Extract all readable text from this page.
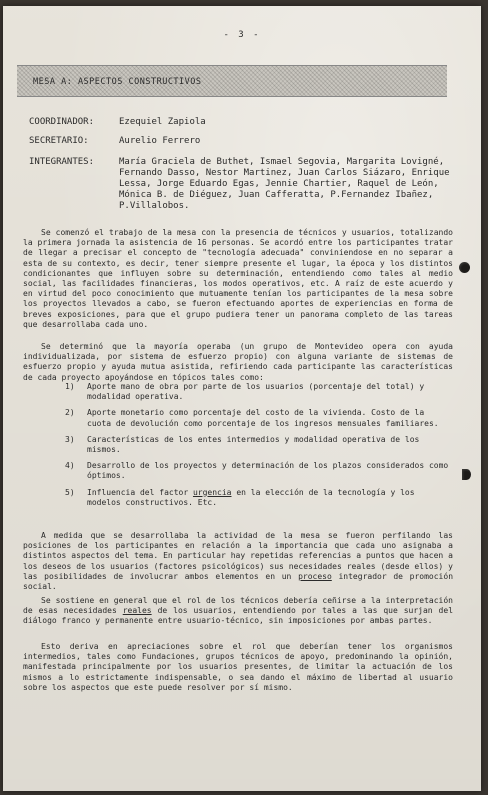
- 3 -
MESA A: ASPECTOS CONSTRUCTIVOS
COORDINADOR:	Ezequiel Zapiola
SECRETARIO:	Aurelio Ferrero
INTEGRANTES:	María Graciela de Buthet, Ismael Segovia, Margarita Lovigné, Fernando Dasso, Nestor Martinez, Juan Carlos Siázaro, Enrique Lessa, Jorge Eduardo Egas, Jennie Chartier, Raquel de León, Mónica B. de Diéguez, Juan Cafferatta, P.Fernandez Ibañez, P.Villalobos.

Se comenzó el trabajo de la mesa con la presencia de técnicos y usuarios, totalizando la primera jornada la asistencia de 16 personas. Se acordó entre los participantes tratar de llegar a precisar el concepto de "tecnología adecuada" conviniendose en no separar a esta de su contexto, es decir, tener siempre presente el lugar, la época y los distintos condicionantes que influyen sobre su determinación, entendiendo como tales al medio social, las facilidades financieras, los modos operativos, etc. A raíz de este acuerdo y en virtud del poco conocimiento que mutuamente tenían los participantes de la mesa sobre los proyectos llevados a cabo, se fueron efectuando aportes de experiencias en forma de breves exposiciones, para que el grupo pudiera tener un panorama completo de las tareas que desarrollaba cada uno.

Se determinó que la mayoría operaba (un grupo de Montevideo opera con ayuda individualizada, por sistema de esfuerzo propio) con alguna variante de sistemas de esfuerzo propio y ayuda mutua asistida, refiriendo cada participante las características de cada proyecto apoyándose en tópicos tales como:

1) Aporte mano de obra por parte de los usuarios (porcentaje del total) y modalidad operativa.
2) Aporte monetario como porcentaje del costo de la vivienda. Costo de la cuota de devolución como porcentaje de los ingresos mensuales familiares.
3) Características de los entes intermedios y modalidad operativa de los mismos.
4) Desarrollo de los proyectos y determinación de los plazos considerados como óptimos.
5) Influencia del factor urgencia en la elección de la tecnología y los modelos constructivos. Etc.

A medida que se desarrollaba la actividad de la mesa se fueron perfilando las posiciones de los participantes en relación a la importancia que cada uno asignaba a distintos aspectos del tema. En particular hay repetidas referencias a puntos que hacen a los deseos de los usuarios (factores psicológicos) sus necesidades reales (desde ellos) y las posibilidades de involucrar ambos elementos en un proceso integrador de promoción social.

Se sostiene en general que el rol de los técnicos debería ceñirse a la interpretación de esas necesidades reales de los usuarios, entendiendo por tales a las que surjan del diálogo franco y permanente entre usuario-técnico, sin imposiciones por ambas partes.

Esto deriva en apreciaciones sobre el rol que deberían tener los organismos intermedios, tales como Fundaciones, grupos técnicos de apoyo, predominando la opinión, manifestada principalmente por los usuarios presentes, de limitar la actuación de los mismos a lo estrictamente indispensable, o sea dando el máximo de libertad al usuario sobre los aspectos que este puede resolver por sí mismo.
